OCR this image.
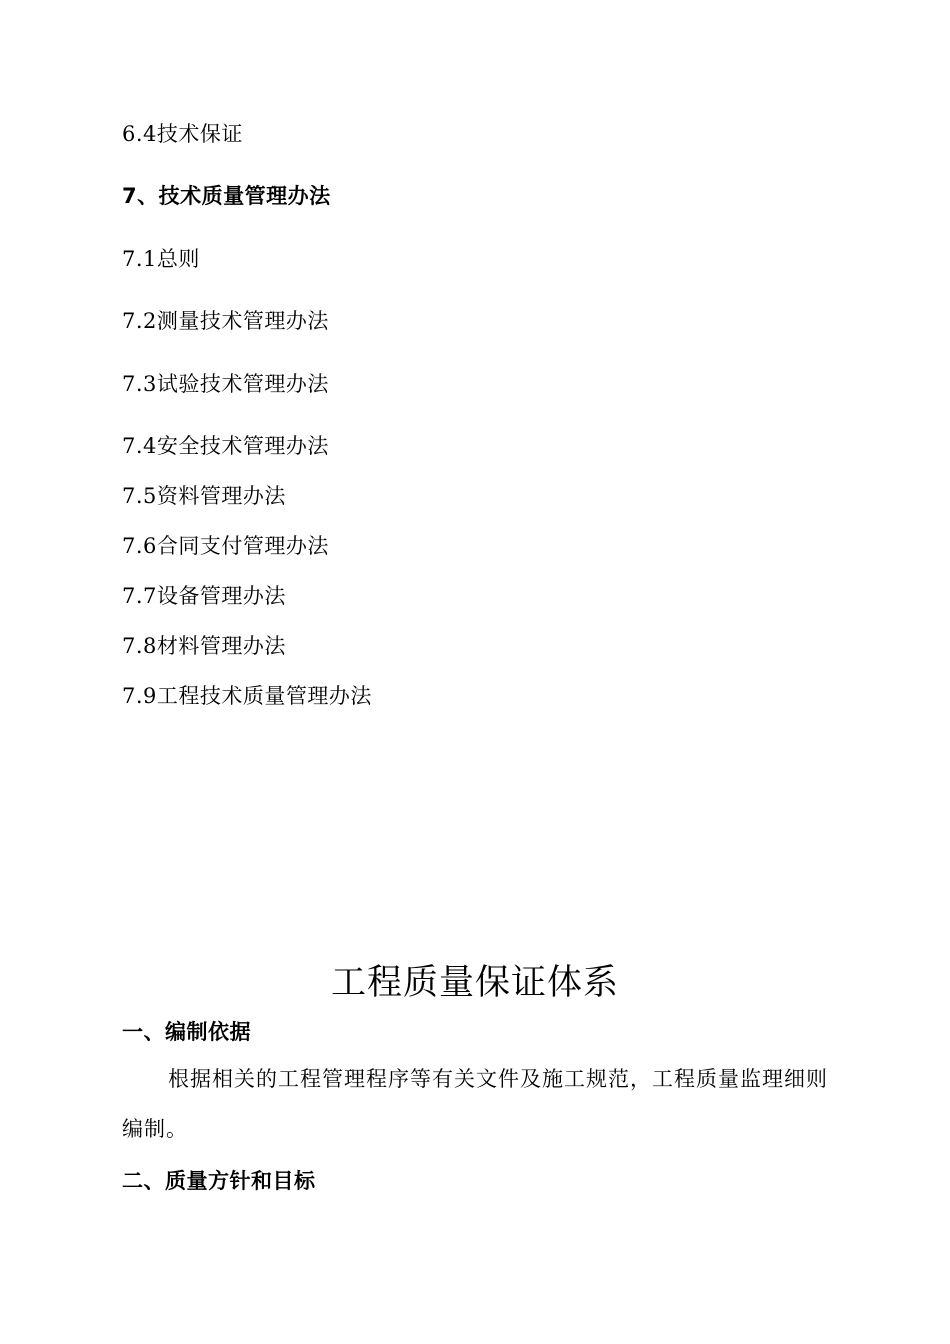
6.4技术保证
7、技术质量管理办法
7.1总则
7.2测量技术管理办法
7.3试验技术管理办法
7.4安全技术管理办法
7.5资料管理办法
7.6合同支付管理办法
7.7设备管理办法
7.8材料管理办法
7.9工程技术质量管理办法
工程质量保证体系
一、编制依据
根据相关的工程管理程序等有关文件及施工规范，工程质量监理细则编制。
二、质量方针和目标
